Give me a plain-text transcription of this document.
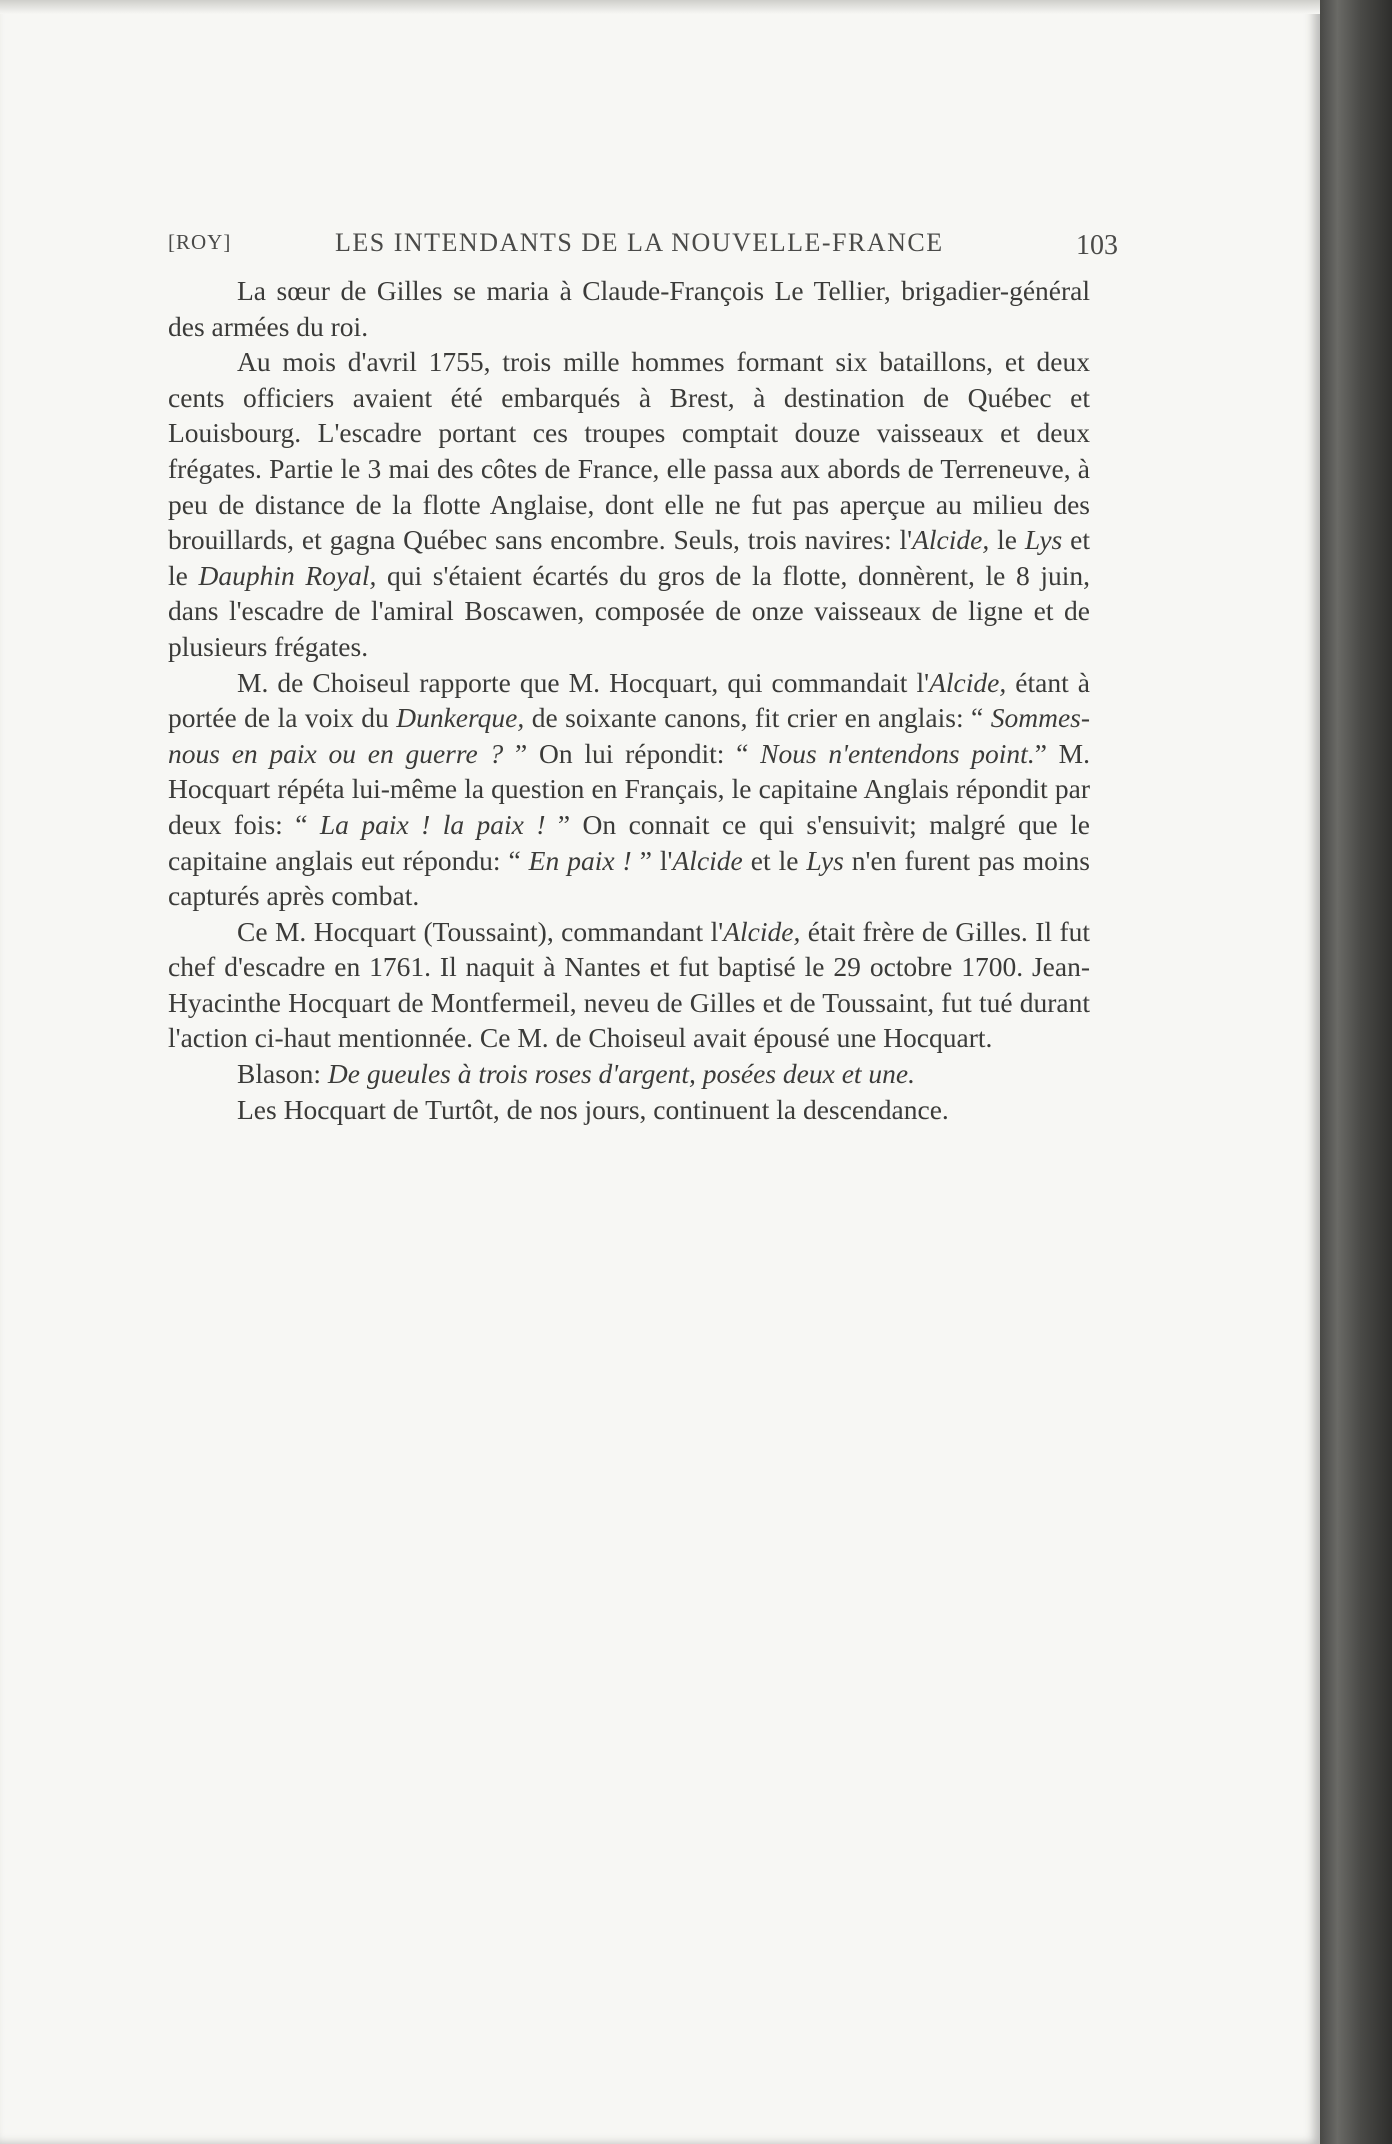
[ROY]	LES INTENDANTS DE LA NOUVELLE-FRANCE	103

La sœur de Gilles se maria à Claude-François Le Tellier, brigadier-général des armées du roi.

Au mois d'avril 1755, trois mille hommes formant six bataillons, et deux cents officiers avaient été embarqués à Brest, à destination de Québec et Louisbourg. L'escadre portant ces troupes comptait douze vaisseaux et deux frégates. Partie le 3 mai des côtes de France, elle passa aux abords de Terreneuve, à peu de distance de la flotte Anglaise, dont elle ne fut pas aperçue au milieu des brouillards, et gagna Québec sans encombre. Seuls, trois navires: l'Alcide, le Lys et le Dauphin Royal, qui s'étaient écartés du gros de la flotte, donnèrent, le 8 juin, dans l'escadre de l'amiral Boscawen, composée de onze vaisseaux de ligne et de plusieurs frégates.

M. de Choiseul rapporte que M. Hocquart, qui commandait l'Alcide, étant à portée de la voix du Dunkerque, de soixante canons, fit crier en anglais: “ Sommes-nous en paix ou en guerre ? ” On lui répondit: “ Nous n'entendons point.” M. Hocquart répéta lui-même la question en Français, le capitaine Anglais répondit par deux fois: “ La paix ! la paix ! ” On connait ce qui s'ensuivit; malgré que le capitaine anglais eut répondu: “ En paix ! ” l'Alcide et le Lys n'en furent pas moins capturés après combat.

Ce M. Hocquart (Toussaint), commandant l'Alcide, était frère de Gilles. Il fut chef d'escadre en 1761. Il naquit à Nantes et fut baptisé le 29 octobre 1700. Jean-Hyacinthe Hocquart de Montfermeil, neveu de Gilles et de Toussaint, fut tué durant l'action ci-haut mentionnée. Ce M. de Choiseul avait épousé une Hocquart.

Blason: De gueules à trois roses d'argent, posées deux et une.

Les Hocquart de Turtôt, de nos jours, continuent la descendance.
